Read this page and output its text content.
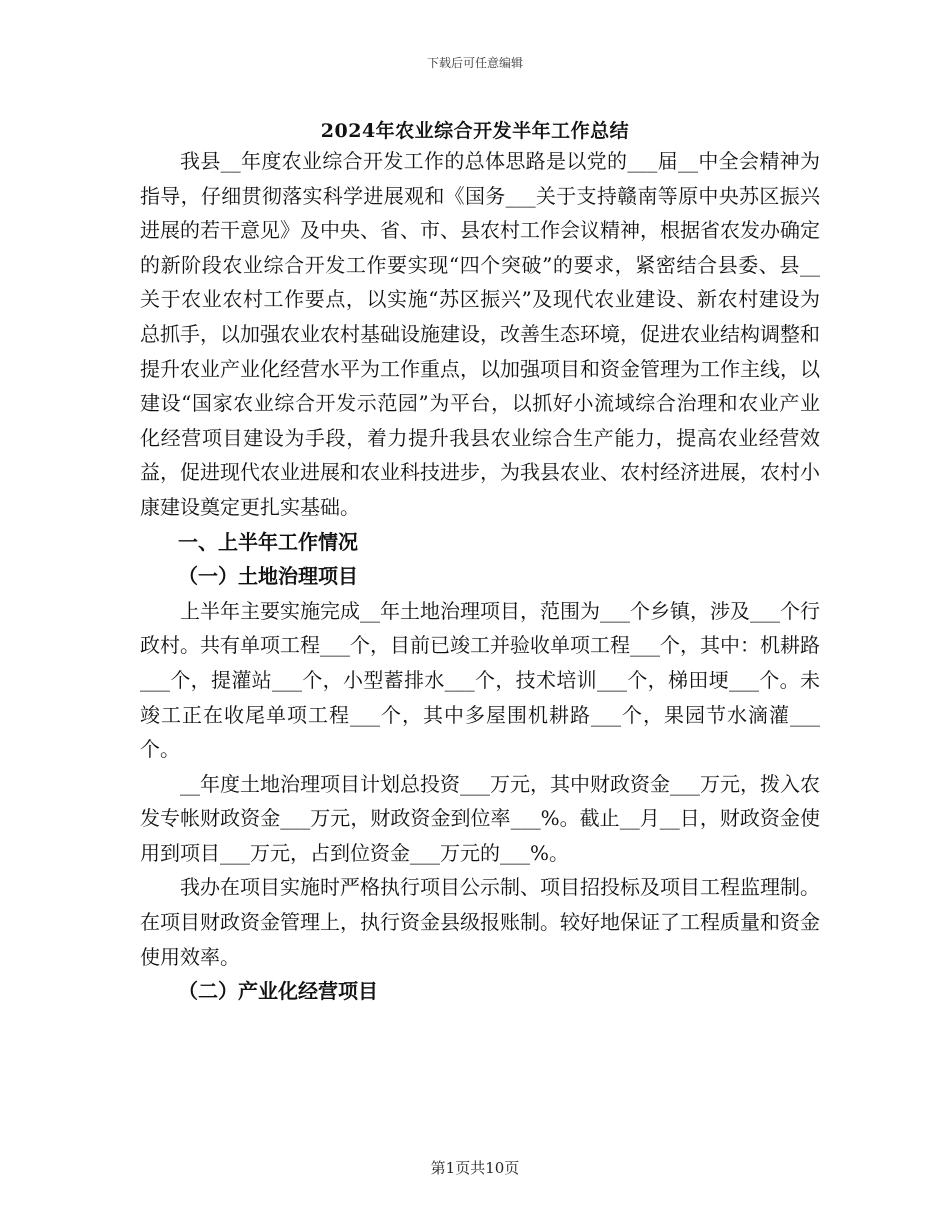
下载后可任意编辑
2024年农业综合开发半年工作总结

我县__年度农业综合开发工作的总体思路是以党的___届__中全会精神为指导，仔细贯彻落实科学进展观和《国务___关于支持赣南等原中央苏区振兴进展的若干意见》及中央、省、市、县农村工作会议精神，根据省农发办确定的新阶段农业综合开发工作要实现“四个突破”的要求，紧密结合县委、县__关于农业农村工作要点，以实施“苏区振兴”及现代农业建设、新农村建设为总抓手，以加强农业农村基础设施建设，改善生态环境，促进农业结构调整和提升农业产业化经营水平为工作重点，以加强项目和资金管理为工作主线，以建设“国家农业综合开发示范园”为平台，以抓好小流域综合治理和农业产业化经营项目建设为手段，着力提升我县农业综合生产能力，提高农业经营效益，促进现代农业进展和农业科技进步，为我县农业、农村经济进展，农村小康建设奠定更扎实基础。

一、上半年工作情况

（一）土地治理项目

上半年主要实施完成__年土地治理项目，范围为___个乡镇，涉及___个行政村。共有单项工程___个，目前已竣工并验收单项工程___个，其中：机耕路___个，提灌站___个，小型蓄排水___个，技术培训___个，梯田埂___个。未竣工正在收尾单项工程___个，其中多屋围机耕路___个，果园节水滴灌___个。

__年度土地治理项目计划总投资___万元，其中财政资金___万元，拨入农发专帐财政资金___万元，财政资金到位率___%。截止__月__日，财政资金使用到项目___万元，占到位资金___万元的___%。

我办在项目实施时严格执行项目公示制、项目招投标及项目工程监理制。在项目财政资金管理上，执行资金县级报账制。较好地保证了工程质量和资金使用效率。

（二）产业化经营项目

第1页共10页
